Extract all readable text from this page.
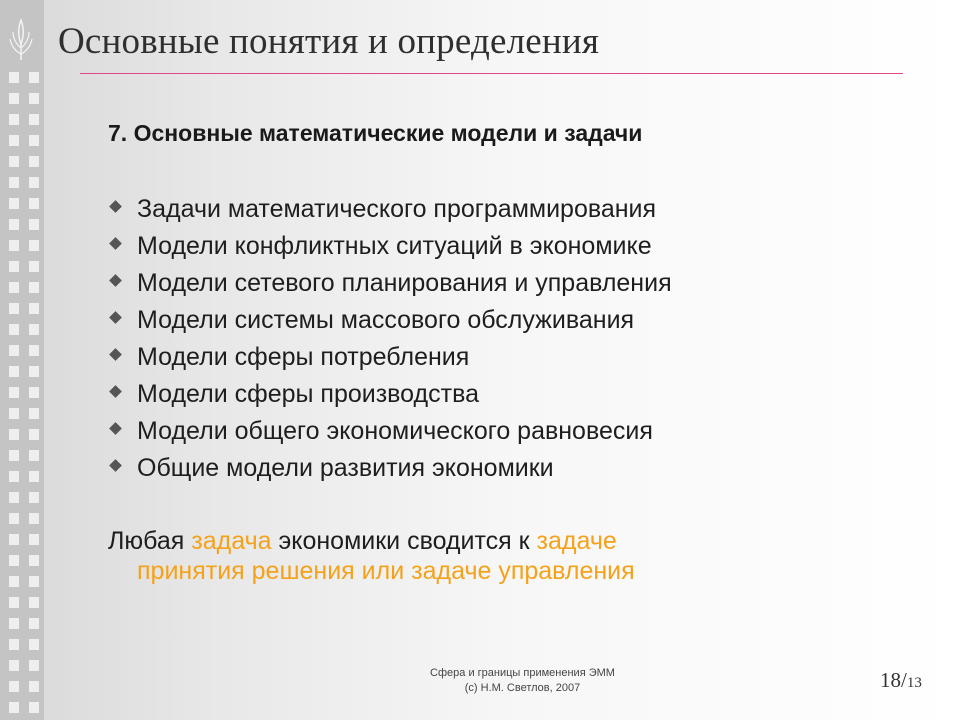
Основные понятия и определения
7. Основные математические модели и задачи
Задачи математического программирования
Модели конфликтных ситуаций в экономике
Модели сетевого планирования и управления
Модели системы массового обслуживания
Модели сферы потребления
Модели сферы производства
Модели общего экономического равновесия
Общие модели развития экономики
Любая задача экономики сводится к задаче
принятия решения или задаче управления
Сфера и границы применения ЭММ
(c) Н.М. Светлов, 2007	18/13
